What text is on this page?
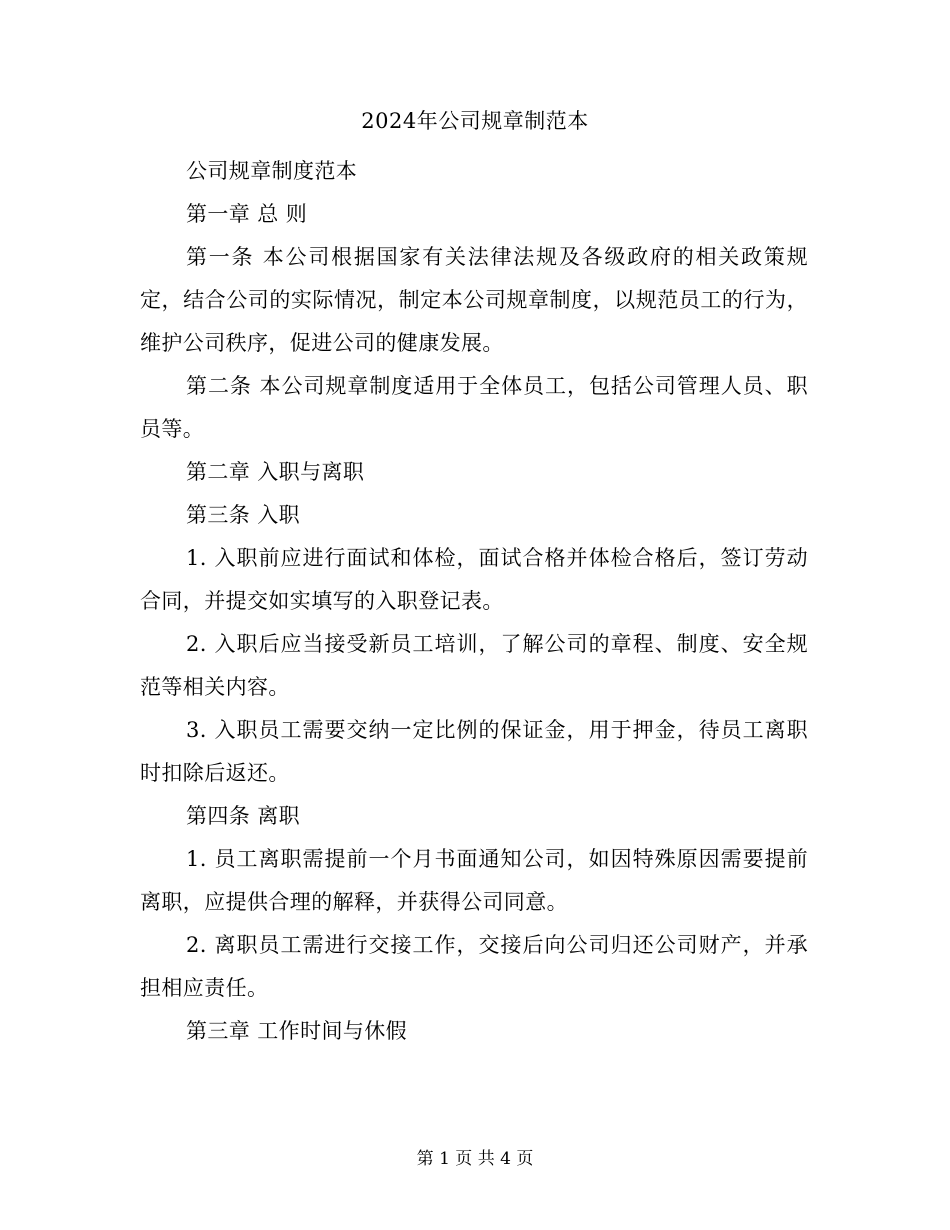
2024年公司规章制范本

公司规章制度范本

第一章 总 则

第一条 本公司根据国家有关法律法规及各级政府的相关政策规定，结合公司的实际情况，制定本公司规章制度，以规范员工的行为，维护公司秩序，促进公司的健康发展。

第二条 本公司规章制度适用于全体员工，包括公司管理人员、职员等。

第二章 入职与离职

第三条 入职

1. 入职前应进行面试和体检，面试合格并体检合格后，签订劳动合同，并提交如实填写的入职登记表。

2. 入职后应当接受新员工培训，了解公司的章程、制度、安全规范等相关内容。

3. 入职员工需要交纳一定比例的保证金，用于押金，待员工离职时扣除后返还。

第四条 离职

1. 员工离职需提前一个月书面通知公司，如因特殊原因需要提前离职，应提供合理的解释，并获得公司同意。

2. 离职员工需进行交接工作，交接后向公司归还公司财产，并承担相应责任。

第三章 工作时间与休假

第 1 页 共 4 页
